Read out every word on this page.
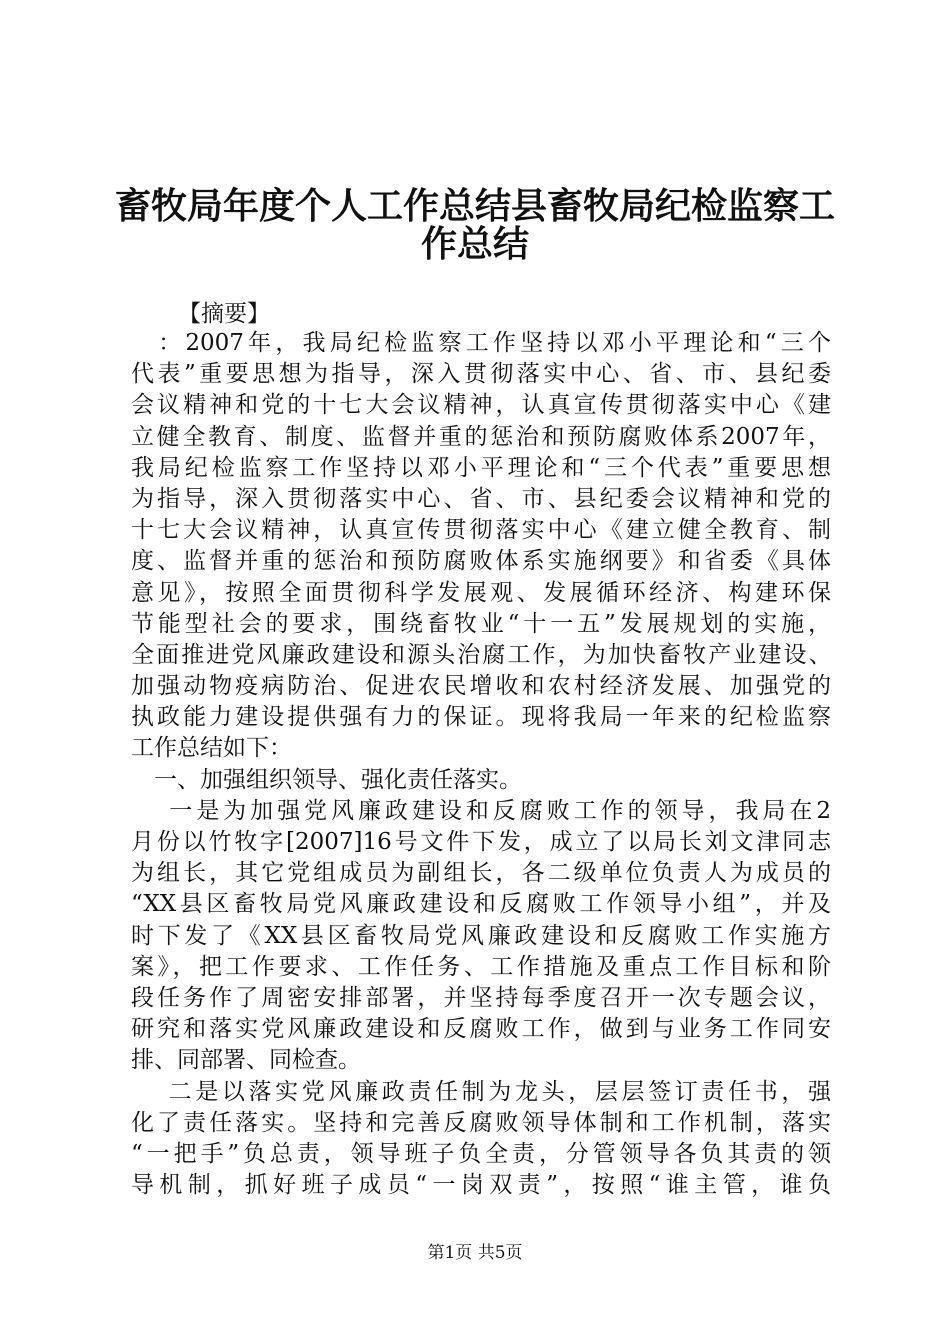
畜牧局年度个人工作总结县畜牧局纪检监察工
作总结
【摘要】
　：2007年，我局纪检监察工作坚持以邓小平理论和“三个
代表”重要思想为指导，深入贯彻落实中心、省、市、县纪委
会议精神和党的十七大会议精神，认真宣传贯彻落实中心《建
立健全教育、制度、监督并重的惩治和预防腐败体系2007年，
我局纪检监察工作坚持以邓小平理论和“三个代表”重要思想
为指导，深入贯彻落实中心、省、市、县纪委会议精神和党的
十七大会议精神，认真宣传贯彻落实中心《建立健全教育、制
度、监督并重的惩治和预防腐败体系实施纲要》和省委《具体
意见》，按照全面贯彻科学发展观、发展循环经济、构建环保
节能型社会的要求，围绕畜牧业“十一五”发展规划的实施，
全面推进党风廉政建设和源头治腐工作，为加快畜牧产业建设、
加强动物疫病防治、促进农民增收和农村经济发展、加强党的
执政能力建设提供强有力的保证。现将我局一年来的纪检监察
工作总结如下：
　一、加强组织领导、强化责任落实。
　 一是为加强党风廉政建设和反腐败工作的领导，我局在2
月份以竹牧字[2007]16号文件下发，成立了以局长刘文津同志
为组长，其它党组成员为副组长，各二级单位负责人为成员的
“XX县区畜牧局党风廉政建设和反腐败工作领导小组”，并及
时下发了《XX县区畜牧局党风廉政建设和反腐败工作实施方
案》，把工作要求、工作任务、工作措施及重点工作目标和阶
段任务作了周密安排部署，并坚持每季度召开一次专题会议，
研究和落实党风廉政建设和反腐败工作，做到与业务工作同安
排、同部署、同检查。
　 二是以落实党风廉政责任制为龙头，层层签订责任书，强
化了责任落实。坚持和完善反腐败领导体制和工作机制，落实
“一把手”负总责，领导班子负全责，分管领导各负其责的领
导机制，抓好班子成员“一岗双责”，按照“谁主管，谁负
第1页 共5页
